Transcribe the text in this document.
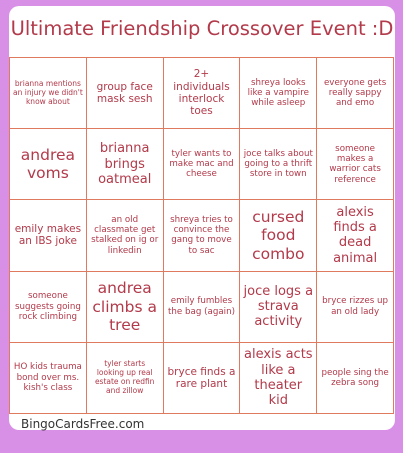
Ultimate Friendship Crossover Event :D
brianna mentions an injury we didn't know about
group face mask sesh
2+ individuals interlock toes
shreya looks like a vampire while asleep
everyone gets really sappy and emo
andrea voms
brianna brings oatmeal
tyler wants to make mac and cheese
joce talks about going to a thrift store in town
someone makes a warrior cats reference
emily makes an IBS joke
an old classmate get stalked on ig or linkedin
shreya tries to convince the gang to move to sac
cursed food combo
alexis finds a dead animal
someone suggests going rock climbing
andrea climbs a tree
emily fumbles the bag (again)
joce logs a strava activity
bryce rizzes up an old lady
HO kids trauma bond over ms. kish's class
tyler starts looking up real estate on redfin and zillow
bryce finds a rare plant
alexis acts like a theater kid
people sing the zebra song
BingoCardsFree.com
